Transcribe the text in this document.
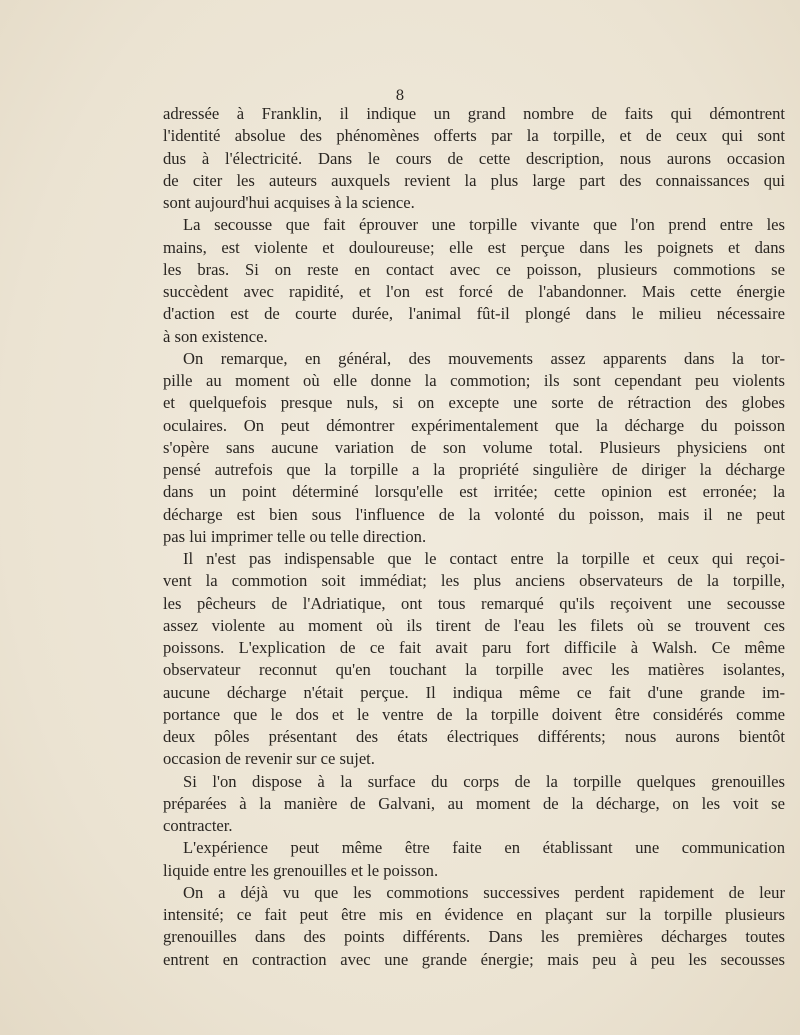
8

adressée à Franklin, il indique un grand nombre de faits qui démontrent

l'identité absolue des phénomènes offerts par la torpille, et de ceux qui sont

dus à l'électricité. Dans le cours de cette description, nous aurons occasion

de citer les auteurs auxquels revient la plus large part des connaissances qui

sont aujourd'hui acquises à la science.

La secousse que fait éprouver une torpille vivante que l'on prend entre les

mains, est violente et douloureuse; elle est perçue dans les poignets et dans

les bras. Si on reste en contact avec ce poisson, plusieurs commotions se

succèdent avec rapidité, et l'on est forcé de l'abandonner. Mais cette énergie

d'action est de courte durée, l'animal fût-il plongé dans le milieu nécessaire

à son existence.

On remarque, en général, des mouvements assez apparents dans la tor-

pille au moment où elle donne la commotion; ils sont cependant peu violents

et quelquefois presque nuls, si on excepte une sorte de rétraction des globes

oculaires. On peut démontrer expérimentalement que la décharge du poisson

s'opère sans aucune variation de son volume total. Plusieurs physiciens ont

pensé autrefois que la torpille a la propriété singulière de diriger la décharge

dans un point déterminé lorsqu'elle est irritée; cette opinion est erronée; la

décharge est bien sous l'influence de la volonté du poisson, mais il ne peut

pas lui imprimer telle ou telle direction.

Il n'est pas indispensable que le contact entre la torpille et ceux qui reçoi-

vent la commotion soit immédiat; les plus anciens observateurs de la torpille,

les pêcheurs de l'Adriatique, ont tous remarqué qu'ils reçoivent une secousse

assez violente au moment où ils tirent de l'eau les filets où se trouvent ces

poissons. L'explication de ce fait avait paru fort difficile à Walsh. Ce même

observateur reconnut qu'en touchant la torpille avec les matières isolantes,

aucune décharge n'était perçue. Il indiqua même ce fait d'une grande im-

portance que le dos et le ventre de la torpille doivent être considérés comme

deux pôles présentant des états électriques différents; nous aurons bientôt

occasion de revenir sur ce sujet.

Si l'on dispose à la surface du corps de la torpille quelques grenouilles

préparées à la manière de Galvani, au moment de la décharge, on les voit se

contracter.

L'expérience peut même être faite en établissant une communication

liquide entre les grenouilles et le poisson.

On a déjà vu que les commotions successives perdent rapidement de leur

intensité; ce fait peut être mis en évidence en plaçant sur la torpille plusieurs

grenouilles dans des points différents. Dans les premières décharges toutes

entrent en contraction avec une grande énergie; mais peu à peu les secousses
